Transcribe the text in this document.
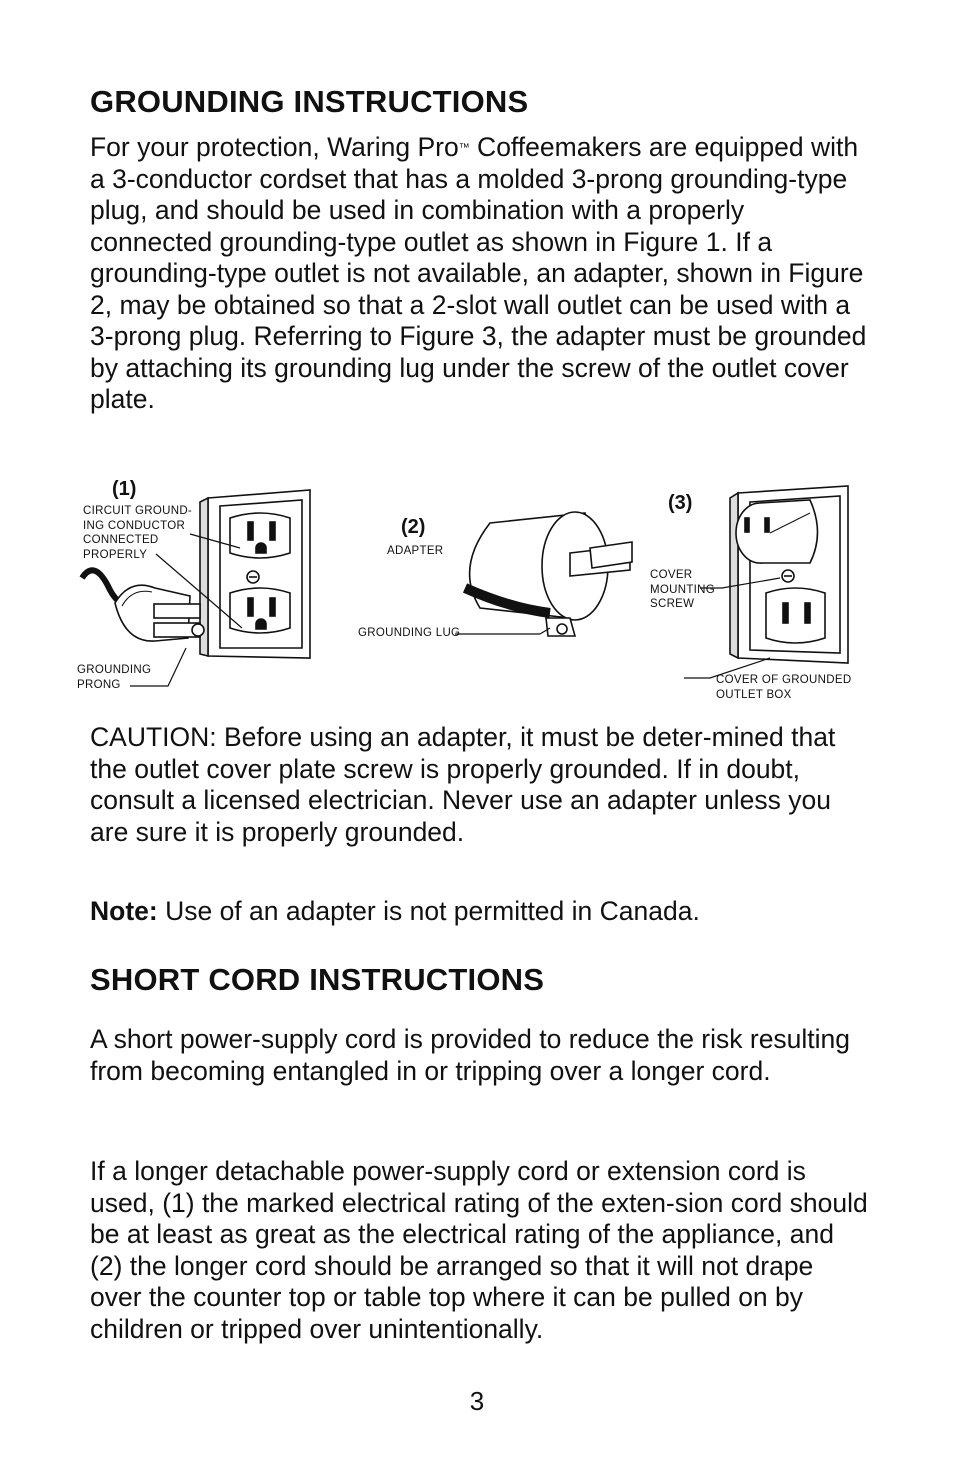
GROUNDING INSTRUCTIONS

For your protection, Waring Pro™ Coffeemakers are equipped with a 3-conductor cordset that has a molded 3-prong grounding-type plug, and should be used in combination with a properly connected grounding-type outlet as shown in Figure 1. If a grounding-type outlet is not available, an adapter, shown in Figure 2, may be obtained so that a 2-slot wall outlet can be used with a 3-prong plug. Referring to Figure 3, the adapter must be grounded by attaching its grounding lug under the screw of the outlet cover plate.

(1)
CIRCUIT GROUND-
ING CONDUCTOR
CONNECTED
PROPERLY
GROUNDING
PRONG
(2)
ADAPTER
GROUNDING LUG
(3)
COVER
MOUNTING
SCREW
COVER OF GROUNDED
OUTLET BOX

CAUTION: Before using an adapter, it must be deter-mined that the outlet cover plate screw is properly grounded. If in doubt, consult a licensed electrician. Never use an adapter unless you are sure it is properly grounded.

Note: Use of an adapter is not permitted in Canada.

SHORT CORD INSTRUCTIONS

A short power-supply cord is provided to reduce the risk resulting from becoming entangled in or tripping over a longer cord.

If a longer detachable power-supply cord or extension cord is used, (1) the marked electrical rating of the exten-sion cord should be at least as great as the electrical rating of the appliance, and (2) the longer cord should be arranged so that it will not drape over the counter top or table top where it can be pulled on by children or tripped over unintentionally.

3
